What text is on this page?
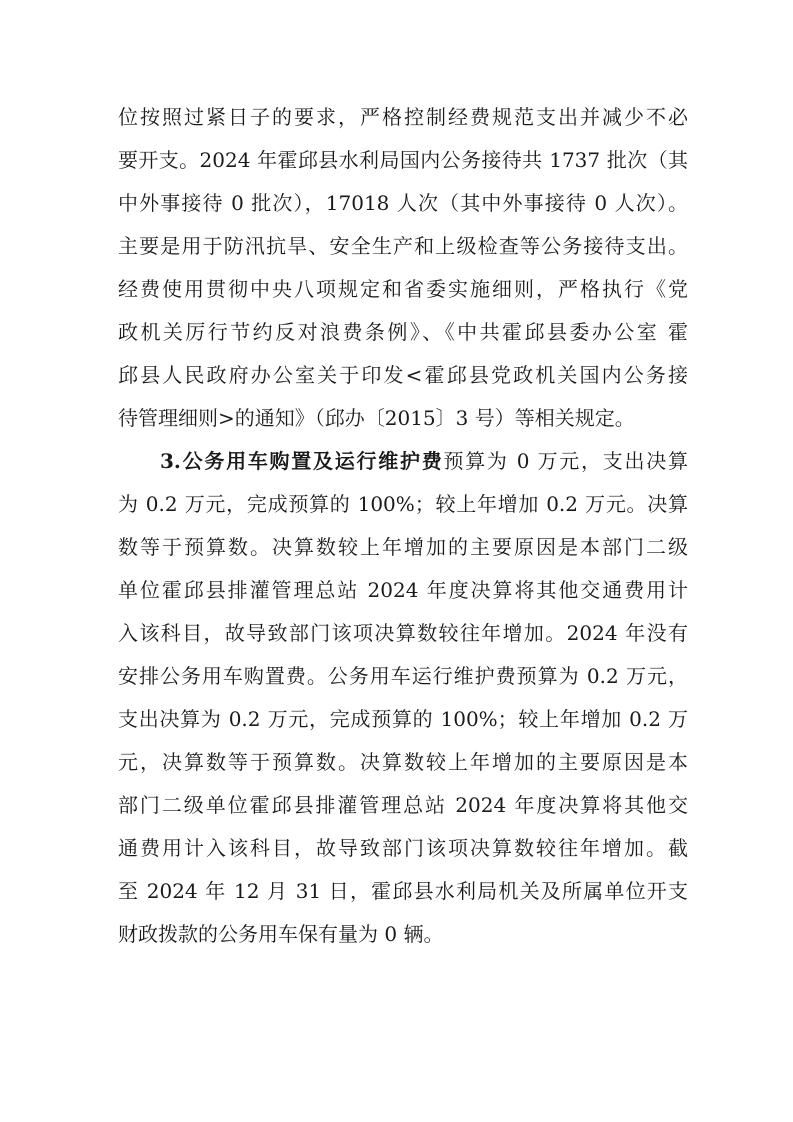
位按照过紧日子的要求，严格控制经费规范支出并减少不必
要开支。2024 年霍邱县水利局国内公务接待共 1737 批次（其
中外事接待 0 批次），17018 人次（其中外事接待 0 人次）。
主要是用于防汛抗旱、安全生产和上级检查等公务接待支出。
经费使用贯彻中央八项规定和省委实施细则，严格执行《党
政机关厉行节约反对浪费条例》、《中共霍邱县委办公室 霍
邱县人民政府办公室关于印发<霍邱县党政机关国内公务接
待管理细则>的通知》（邱办〔2015〕3 号）等相关规定。
3.公务用车购置及运行维护费预算为 0 万元，支出决算
为 0.2 万元，完成预算的 100%；较上年增加 0.2 万元。决算
数等于预算数。决算数较上年增加的主要原因是本部门二级
单位霍邱县排灌管理总站 2024 年度决算将其他交通费用计
入该科目，故导致部门该项决算数较往年增加。2024 年没有
安排公务用车购置费。公务用车运行维护费预算为 0.2 万元，
支出决算为 0.2 万元，完成预算的 100%；较上年增加 0.2 万
元，决算数等于预算数。决算数较上年增加的主要原因是本
部门二级单位霍邱县排灌管理总站 2024 年度决算将其他交
通费用计入该科目，故导致部门该项决算数较往年增加。截
至 2024 年 12 月 31 日，霍邱县水利局机关及所属单位开支
财政拨款的公务用车保有量为 0 辆。
